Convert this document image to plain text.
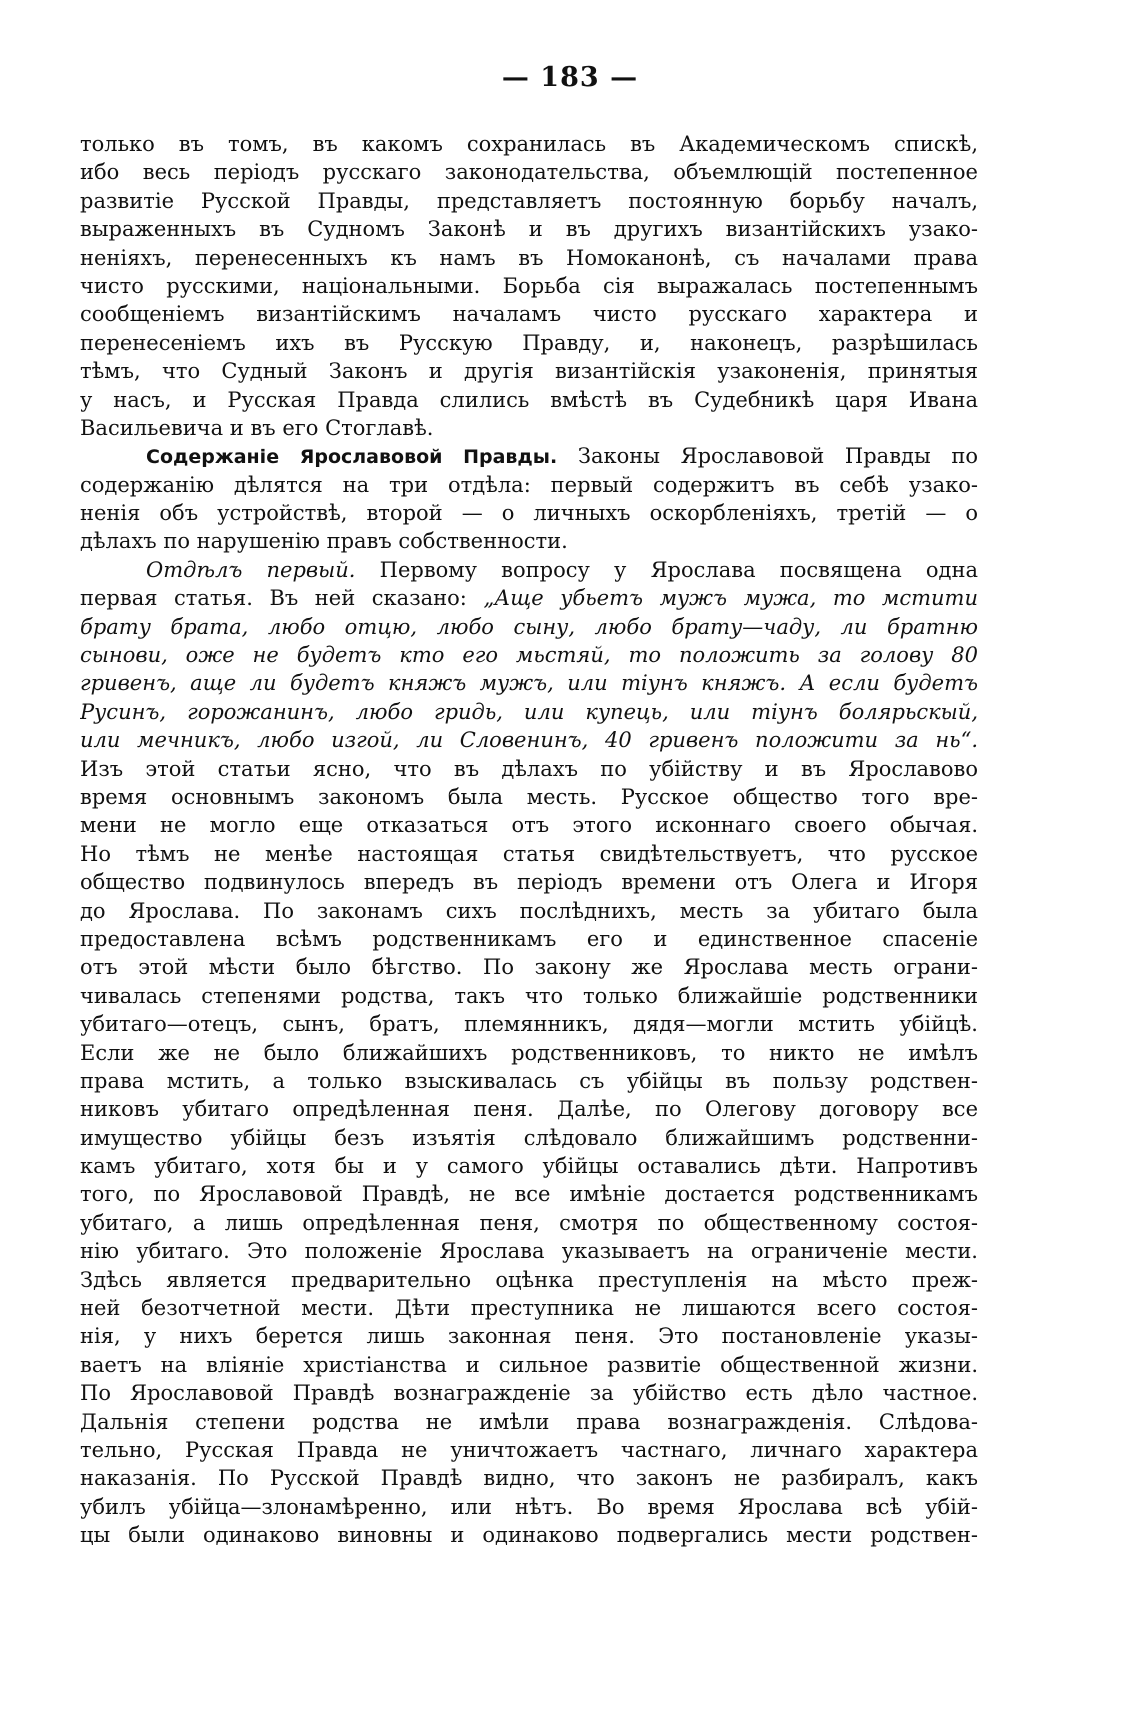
— 183 —
только въ томъ, въ какомъ сохранилась въ Академическомъ спискѣ,
ибо весь періодъ русскаго законодательства, объемлющій постепенное
развитіе Русской Правды, представляетъ постоянную борьбу началъ,
выраженныхъ въ Судномъ Законѣ и въ другихъ византійскихъ узако-
неніяхъ, перенесенныхъ къ намъ въ Номоканонѣ, съ началами права
чисто русскими, національными. Борьба сія выражалась постепеннымъ
сообщеніемъ византійскимъ началамъ чисто русскаго характера и
перенесеніемъ ихъ въ Русскую Правду, и, наконецъ, разрѣшилась
тѣмъ, что Судный Законъ и другія византійскія узаконенія, принятыя
у насъ, и Русская Правда слились вмѣстѣ въ Судебникѣ царя Ивана
Васильевича и въ его Стоглавѣ.
Содержаніе Ярославовой Правды. Законы Ярославовой Правды по
содержанію дѣлятся на три отдѣла: первый содержитъ въ себѣ узако-
ненія объ устройствѣ, второй — о личныхъ оскорбленіяхъ, третій — о
дѣлахъ по нарушенію правъ собственности.
Отдѣлъ первый. Первому вопросу у Ярослава посвящена одна
первая статья. Въ ней сказано: „Аще убьетъ мужъ мужа, то мстити
брату брата, любо отцю, любо сыну, любо брату—чаду, ли братню
сынови, оже не будетъ кто его мьстяй, то положить за голову 80
гривенъ, аще ли будетъ княжъ мужъ, или тіунъ княжъ. А если будетъ
Русинъ, горожанинъ, любо гридь, или купець, или тіунъ болярьскый,
или мечникъ, любо изгой, ли Словенинъ, 40 гривенъ положити за нь“.
Изъ этой статьи ясно, что въ дѣлахъ по убійству и въ Ярославово
время основнымъ закономъ была месть. Русское общество того вре-
мени не могло еще отказаться отъ этого исконнаго своего обычая.
Но тѣмъ не менѣе настоящая статья свидѣтельствуетъ, что русское
общество подвинулось впередъ въ періодъ времени отъ Олега и Игоря
до Ярослава. По законамъ сихъ послѣднихъ, месть за убитаго была
предоставлена всѣмъ родственникамъ его и единственное спасеніе
отъ этой мѣсти было бѣгство. По закону же Ярослава месть ограни-
чивалась степенями родства, такъ что только ближайшіе родственники
убитаго—отецъ, сынъ, братъ, племянникъ, дядя—могли мстить убійцѣ.
Если же не было ближайшихъ родственниковъ, то никто не имѣлъ
права мстить, а только взыскивалась съ убійцы въ пользу родствен-
никовъ убитаго опредѣленная пеня. Далѣе, по Олегову договору все
имущество убійцы безъ изъятія слѣдовало ближайшимъ родственни-
камъ убитаго, хотя бы и у самого убійцы оставались дѣти. Напротивъ
того, по Ярославовой Правдѣ, не все имѣніе достается родственникамъ
убитаго, а лишь опредѣленная пеня, смотря по общественному состоя-
нію убитаго. Это положеніе Ярослава указываетъ на ограниченіе мести.
Здѣсь является предварительно оцѣнка преступленія на мѣсто преж-
ней безотчетной мести. Дѣти преступника не лишаются всего состоя-
нія, у нихъ берется лишь законная пеня. Это постановленіе указы-
ваетъ на вліяніе христіанства и сильное развитіе общественной жизни.
По Ярославовой Правдѣ вознагражденіе за убійство есть дѣло частное.
Дальнія степени родства не имѣли права вознагражденія. Слѣдова-
тельно, Русская Правда не уничтожаетъ частнаго, личнаго характера
наказанія. По Русской Правдѣ видно, что законъ не разбиралъ, какъ
убилъ убійца—злонамѣренно, или нѣтъ. Во время Ярослава всѣ убій-
цы были одинаково виновны и одинаково подвергались мести родствен-
